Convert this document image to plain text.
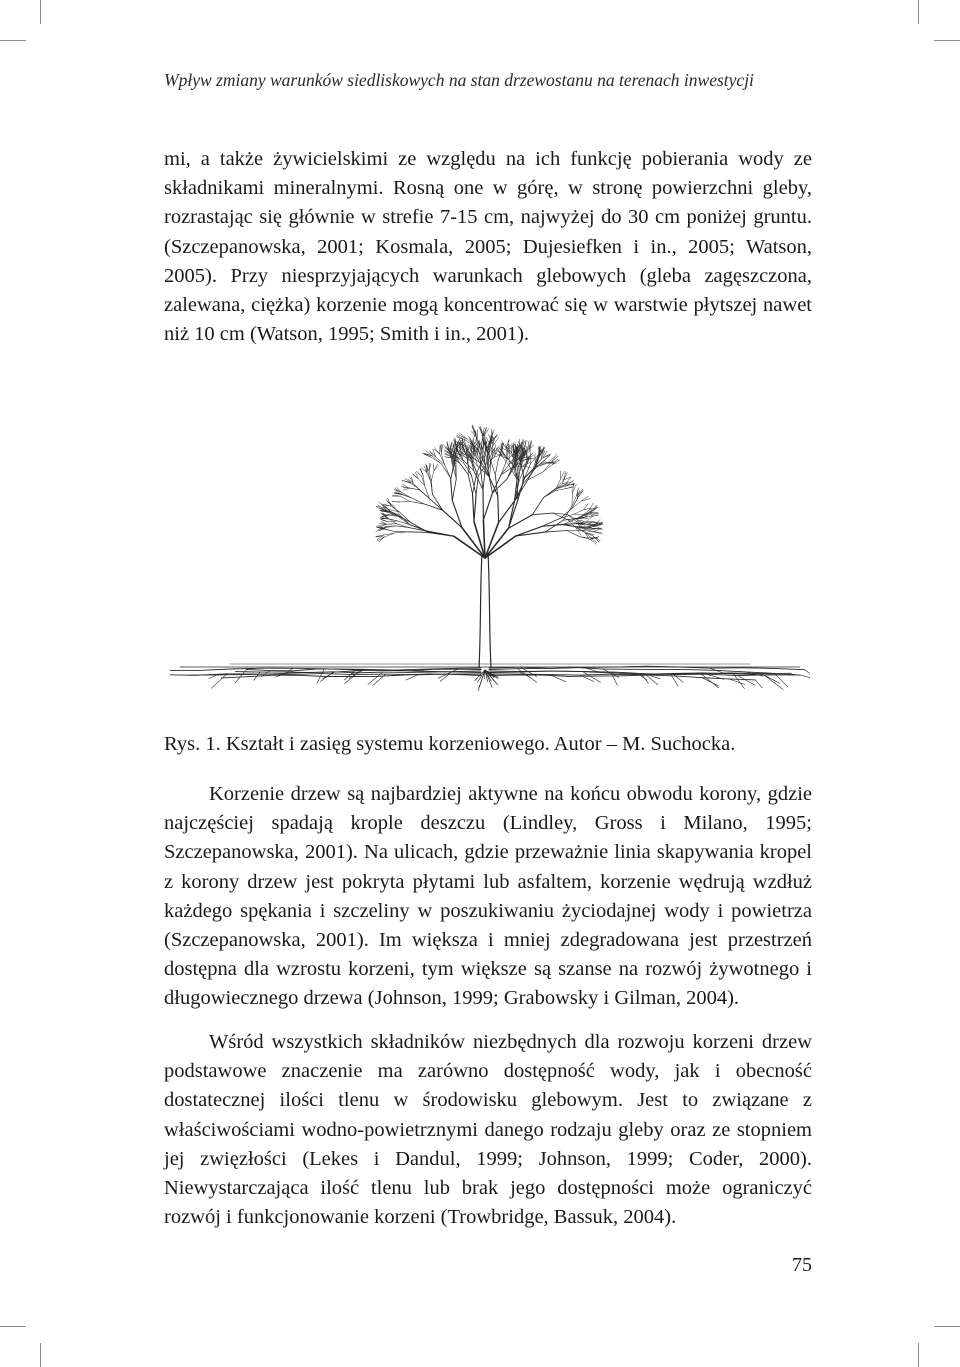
Wpływ zmiany warunków siedliskowych na stan drzewostanu na terenach inwestycji

mi, a także żywicielskimi ze względu na ich funkcję pobierania wody ze składnikami mineralnymi. Rosną one w górę, w stronę powierzchni gleby, rozrastając się głównie w strefie 7-15 cm, najwyżej do 30 cm poniżej gruntu. (Szczepanowska, 2001; Kosmala, 2005; Dujesiefken i in., 2005; Watson, 2005). Przy niesprzyjających warunkach glebowych (gleba zagęszczona, zalewana, ciężka) korzenie mogą koncentrować się w warstwie płytszej nawet niż 10 cm (Watson, 1995; Smith i in., 2001).

Rys. 1. Kształt i zasięg systemu korzeniowego. Autor – M. Suchocka.

Korzenie drzew są najbardziej aktywne na końcu obwodu korony, gdzie najczęściej spadają krople deszczu (Lindley, Gross i Milano, 1995; Szczepanowska, 2001). Na ulicach, gdzie przeważnie linia skapywania kropel z korony drzew jest pokryta płytami lub asfaltem, korzenie wędrują wzdłuż każdego spękania i szczeliny w poszukiwaniu życiodajnej wody i powietrza (Szczepanowska, 2001). Im większa i mniej zdegradowana jest przestrzeń dostępna dla wzrostu korzeni, tym większe są szanse na rozwój żywotnego i długowiecznego drzewa (Johnson, 1999; Grabowsky i Gilman, 2004).

Wśród wszystkich składników niezbędnych dla rozwoju korzeni drzew podstawowe znaczenie ma zarówno dostępność wody, jak i obecność dostatecznej ilości tlenu w środowisku glebowym. Jest to związane z właściwościami wodno-powietrznymi danego rodzaju gleby oraz ze stopniem jej zwięzłości (Lekes i Dandul, 1999; Johnson, 1999; Coder, 2000). Niewystarczająca ilość tlenu lub brak jego dostępności może ograniczyć rozwój i funkcjonowanie korzeni (Trowbridge, Bassuk, 2004).

75
